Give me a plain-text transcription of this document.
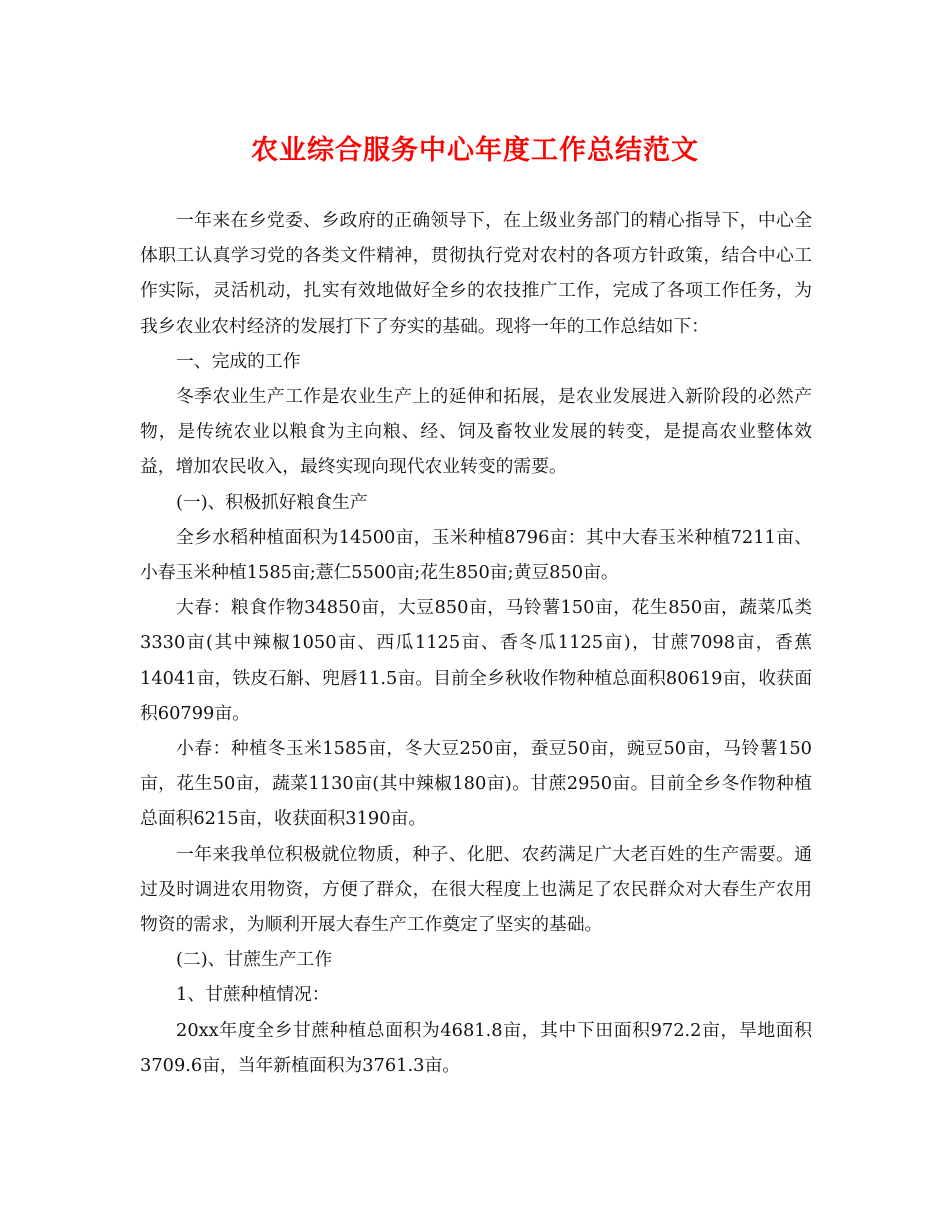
农业综合服务中心年度工作总结范文

一年来在乡党委、乡政府的正确领导下，在上级业务部门的精心指导下，中心全体职工认真学习党的各类文件精神，贯彻执行党对农村的各项方针政策，结合中心工作实际，灵活机动，扎实有效地做好全乡的农技推广工作，完成了各项工作任务，为我乡农业农村经济的发展打下了夯实的基础。现将一年的工作总结如下：

一、完成的工作

冬季农业生产工作是农业生产上的延伸和拓展，是农业发展进入新阶段的必然产物，是传统农业以粮食为主向粮、经、饲及畜牧业发展的转变，是提高农业整体效益，增加农民收入，最终实现向现代农业转变的需要。

(一)、积极抓好粮食生产

全乡水稻种植面积为14500亩，玉米种植8796亩：其中大春玉米种植7211亩、小春玉米种植1585亩;薏仁5500亩;花生850亩;黄豆850亩。

大春：粮食作物34850亩，大豆850亩，马铃薯150亩，花生850亩，蔬菜瓜类3330亩(其中辣椒1050亩、西瓜1125亩、香冬瓜1125亩)，甘蔗7098亩，香蕉14041亩，铁皮石斛、兜唇11.5亩。目前全乡秋收作物种植总面积80619亩，收获面积60799亩。

小春：种植冬玉米1585亩，冬大豆250亩，蚕豆50亩，豌豆50亩，马铃薯150亩，花生50亩，蔬菜1130亩(其中辣椒180亩)。甘蔗2950亩。目前全乡冬作物种植总面积6215亩，收获面积3190亩。

一年来我单位积极就位物质，种子、化肥、农药满足广大老百姓的生产需要。通过及时调进农用物资，方便了群众，在很大程度上也满足了农民群众对大春生产农用物资的需求，为顺利开展大春生产工作奠定了坚实的基础。

(二)、甘蔗生产工作

1、甘蔗种植情况：

20xx年度全乡甘蔗种植总面积为4681.8亩，其中下田面积972.2亩，旱地面积3709.6亩，当年新植面积为3761.3亩。
